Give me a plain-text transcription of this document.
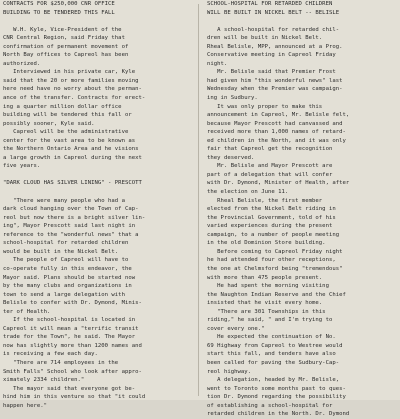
CONTRACTS FOR $250,000 CNR OFFICE
BUILDING TO BE TENDERED THIS FALL
W.H. Kyle, Vice-President of the
CNR Central Region, said Friday that
confirmation of permanent movement of
North Bay offices to Capreol has been
authorized.
Interviewed in his private car, Kyle
said that the 20 or more families moving
here need have no worry about the perman-
ance of the transfer. Contracts for erect-
ing a quarter million dollar office
building will be tendered this fall or
possibly sooner, Kyle said.
Capreol will be the administrative
center for the vast area to be known as
the Northern Ontario Area and he visions
a large growth in Capreol during the next
five years.
"DARK CLOUD HAS SILVER LINING" - PRESCOTT
"There were many people who had a
dark cloud hanging over the Town of Cap-
reol but now there is a bright silver lin-
ing", Mayor Prescott said last night in
reference to the "wonderful news" that a
school-hospital for retarded children
would be built in the Nickel Belt.
The people of Capreol will have to
co-operate fully in this endeavor, the
Mayor said. Plans should be started now
by the many clubs and organizations in
town to send a large delegation with
Belisle to confer with Dr. Dymond, Minis-
ter of Health.
If the school-hospital is located in
Capreol it will mean a "terrific transit
trade for the Town", he said. The Mayor
now has slightly more than 1200 names and
is receiving a few each day.
"There are 714 employees in the
Smith Falls" School who look after appro-
ximately 2334 children."
The mayor said that everyone got be-
hind him in this venture so that "it could
happen here."
SCHOOL-HOSPITAL FOR RETARDED CHILDREN
WILL BE BUILT IN NICKEL BELT -- BELISLE
A school-hospital for retarded chil-
dren will be built in Nickel Belt.
Rheal Belisle, MPP, announced at a Prog.
Conservative meeting in Capreol Friday
night.
Mr. Belisle said that Premier Frost
had given him "this wonderful news" last
Wednesday when the Premier was campaign-
ing in Sudbury.
It was only proper to make this
announcement in Capreol, Mr. Belisle felt,
because Mayor Prescott had canvassed and
received more than 1,000 names of retard-
ed children in the North, and it was only
fair that Capreol get the recognition
they deserved.
Mr. Belisle and Mayor Prescott are
part of a delegation that will confer
with Dr. Dymond, Minister of Health, after
the election on June 11.
Rheal Belisle, the first member
elected from the Nickel Belt riding in
the Provincial Government, told of his
varied experiences during the present
campaign, to a number of people meeting
in the old Dominion Store building.
Before coming to Capreol Friday night
he had attended four other receptions,
the one at Chelmsford being "tremendous"
with more than 475 people present.
He had spent the morning visiting
the Naughton Indian Reserve and the Chief
insisted that he visit every home.
"There are 301 Townships in this
riding," he said, " and I'm trying to
cover every one."
He expected the continuation of No.
69 Highway from Capreol to Westree would
start this fall, and tenders have also
been called for paving the Sudbury-Cap-
reol highway.
A delegation, headed by Mr. Belisle,
went to Toronto some months past to ques-
tion Dr. Dymond regarding the possibility
of establishing a school-hospital for
retarded children in the North. Dr. Dymond
